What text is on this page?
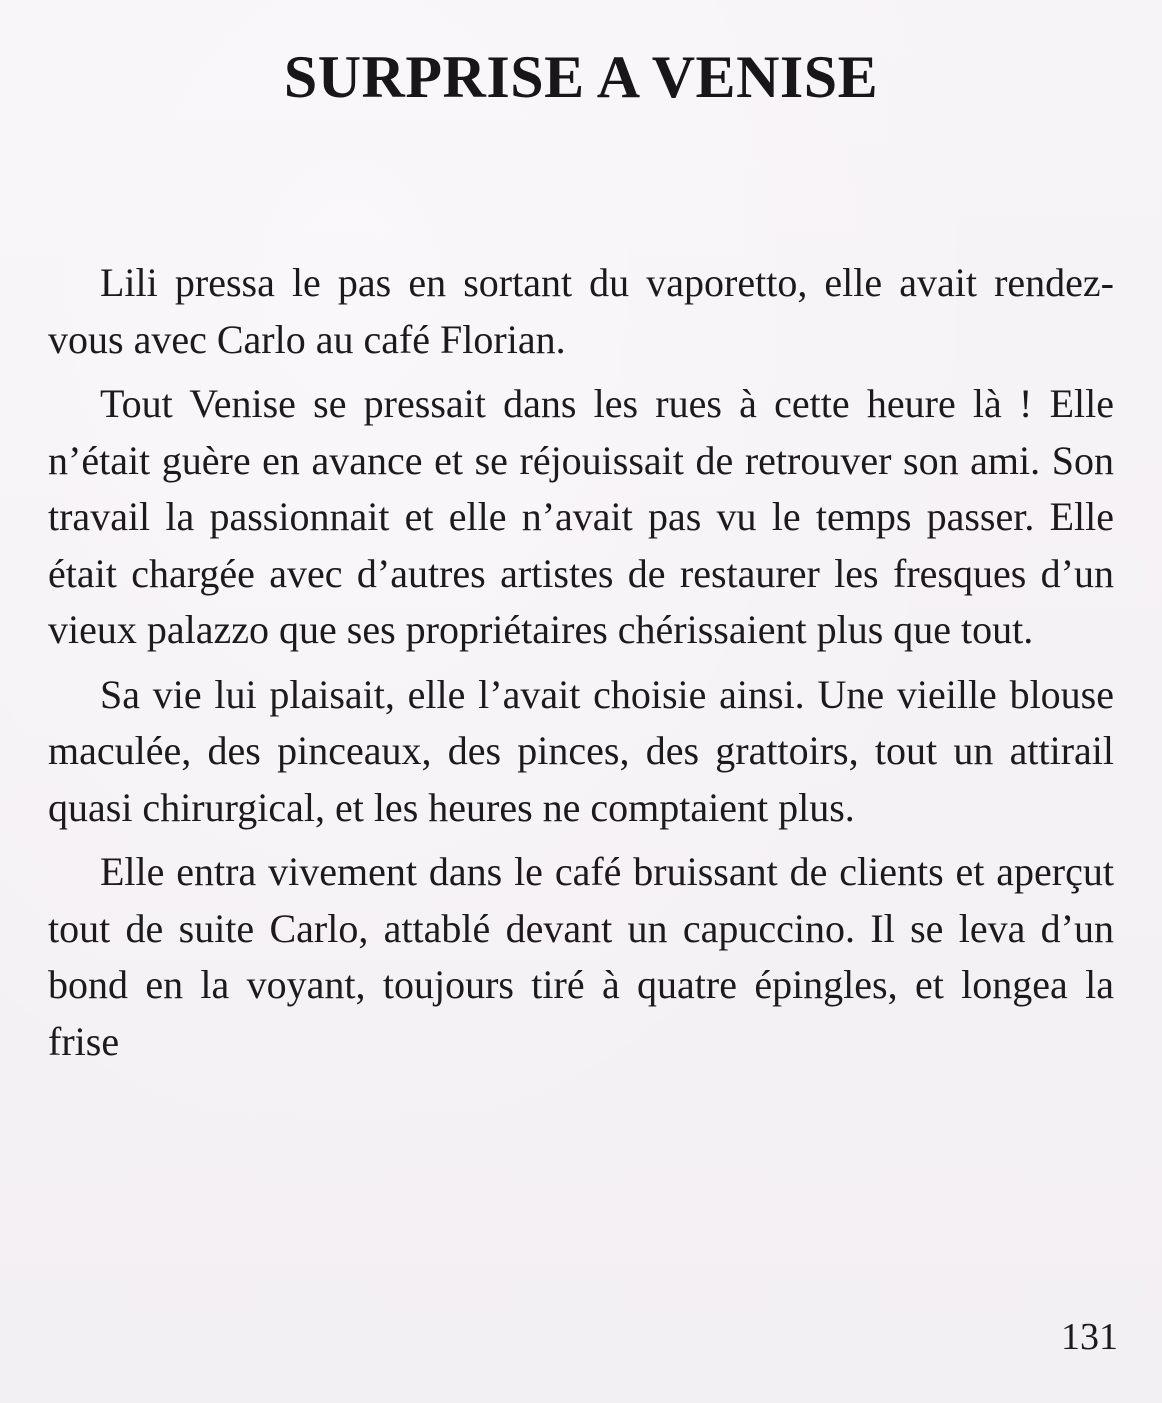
SURPRISE A VENISE

Lili pressa le pas en sortant du vaporetto, elle avait rendez-vous avec Carlo au café Florian.

Tout Venise se pressait dans les rues à cette heure là ! Elle n’était guère en avance et se réjouissait de retrouver son ami. Son travail la passionnait et elle n’avait pas vu le temps passer. Elle était chargée avec d’autres artistes de restaurer les fresques d’un vieux palazzo que ses propriétaires chérissaient plus que tout.

Sa vie lui plaisait, elle l’avait choisie ainsi. Une vieille blouse maculée, des pinceaux, des pinces, des grattoirs, tout un attirail quasi chirurgical, et les heures ne comptaient plus.

Elle entra vivement dans le café bruissant de clients et aperçut tout de suite Carlo, attablé devant un capuccino. Il se leva d’un bond en la voyant, toujours tiré à quatre épingles, et longea la frise

131
